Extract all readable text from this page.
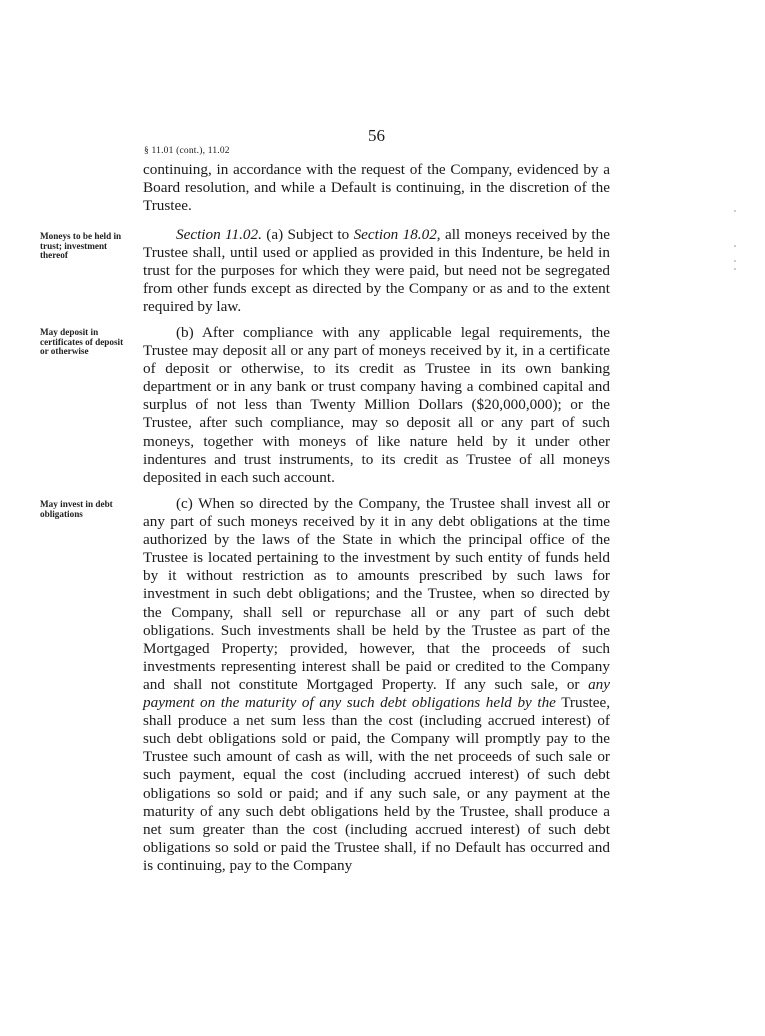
56
§ 11.01 (cont.), 11.02
Moneys to be held in trust; investment thereof
May deposit in certificates of deposit or otherwise
May invest in debt obligations

continuing, in accordance with the request of the Company, evidenced by a Board resolution, and while a Default is continuing, in the discretion of the Trustee.

Section 11.02. (a) Subject to Section 18.02, all moneys received by the Trustee shall, until used or applied as provided in this Indenture, be held in trust for the purposes for which they were paid, but need not be segregated from other funds except as directed by the Company or as and to the extent required by law.

(b) After compliance with any applicable legal requirements, the Trustee may deposit all or any part of moneys received by it, in a certificate of deposit or otherwise, to its credit as Trustee in its own banking department or in any bank or trust company having a combined capital and surplus of not less than Twenty Million Dollars ($20,000,000); or the Trustee, after such compliance, may so deposit all or any part of such moneys, together with moneys of like nature held by it under other indentures and trust instruments, to its credit as Trustee of all moneys deposited in each such account.

(c) When so directed by the Company, the Trustee shall invest all or any part of such moneys received by it in any debt obligations at the time authorized by the laws of the State in which the principal office of the Trustee is located pertaining to the investment by such entity of funds held by it without restriction as to amounts prescribed by such laws for investment in such debt obligations; and the Trustee, when so directed by the Company, shall sell or repurchase all or any part of such debt obligations. Such investments shall be held by the Trustee as part of the Mortgaged Property; provided, however, that the proceeds of such investments representing interest shall be paid or credited to the Company and shall not constitute Mortgaged Property. If any such sale, or any payment on the maturity of any such debt obligations held by the Trustee, shall produce a net sum less than the cost (including accrued interest) of such debt obligations sold or paid, the Company will promptly pay to the Trustee such amount of cash as will, with the net proceeds of such sale or such payment, equal the cost (including accrued interest) of such debt obligations so sold or paid; and if any such sale, or any payment at the maturity of any such debt obligations held by the Trustee, shall produce a net sum greater than the cost (including accrued interest) of such debt obligations so sold or paid the Trustee shall, if no Default has occurred and is continuing, pay to the Company
